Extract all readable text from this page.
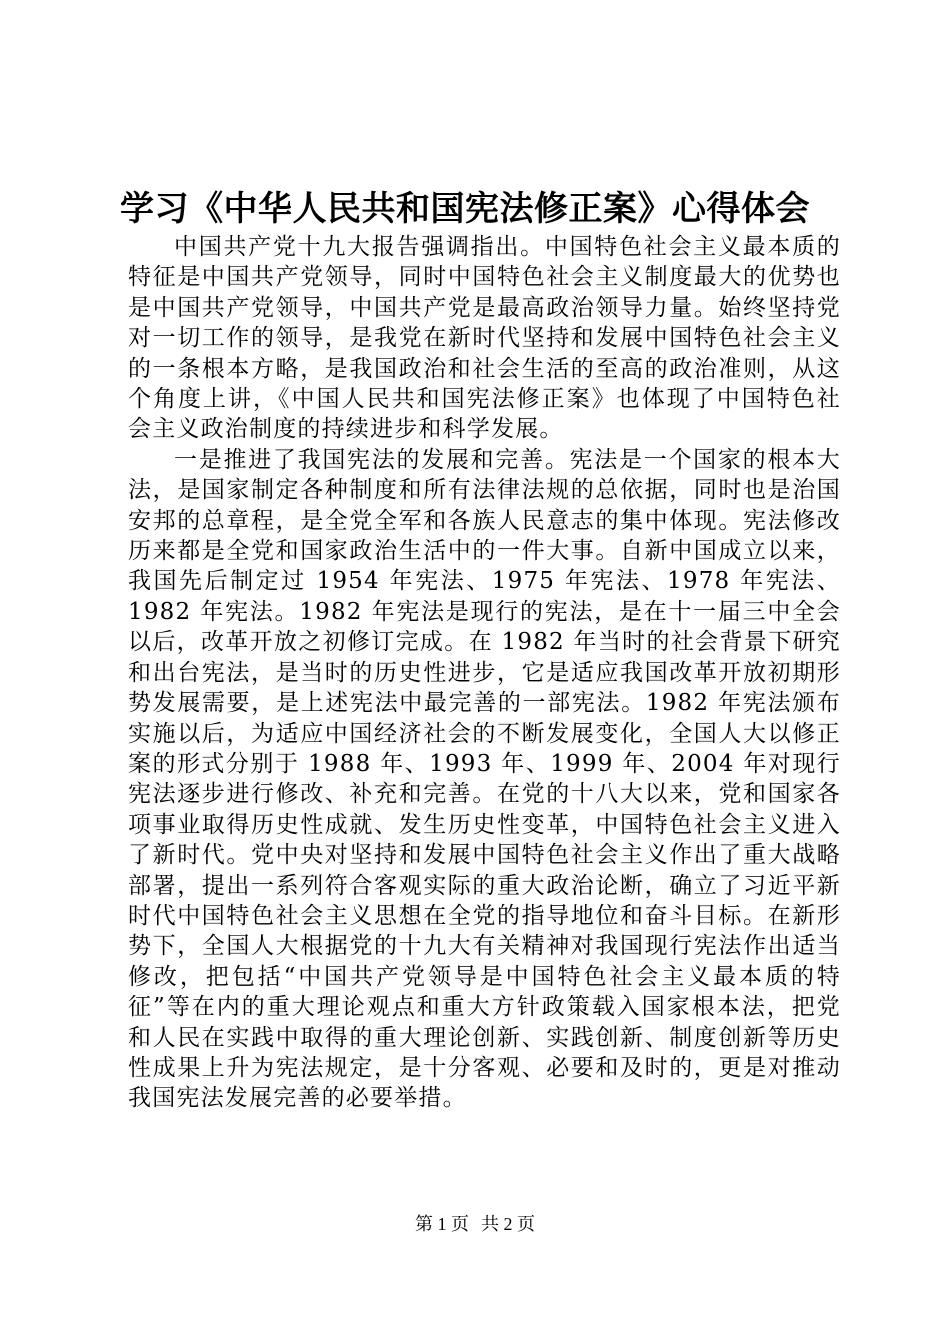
学习《中华人民共和国宪法修正案》心得体会

中国共产党十九大报告强调指出。中国特色社会主义最本质的特征是中国共产党领导，同时中国特色社会主义制度最大的优势也是中国共产党领导，中国共产党是最高政治领导力量。始终坚持党对一切工作的领导，是我党在新时代坚持和发展中国特色社会主义的一条根本方略，是我国政治和社会生活的至高的政治准则，从这个角度上讲，《中国人民共和国宪法修正案》也体现了中国特色社会主义政治制度的持续进步和科学发展。

一是推进了我国宪法的发展和完善。宪法是一个国家的根本大法，是国家制定各种制度和所有法律法规的总依据，同时也是治国安邦的总章程，是全党全军和各族人民意志的集中体现。宪法修改历来都是全党和国家政治生活中的一件大事。自新中国成立以来，我国先后制定过 1954 年宪法、1975 年宪法、1978 年宪法、1982 年宪法。1982 年宪法是现行的宪法，是在十一届三中全会以后，改革开放之初修订完成。在 1982 年当时的社会背景下研究和出台宪法，是当时的历史性进步，它是适应我国改革开放初期形势发展需要，是上述宪法中最完善的一部宪法。1982 年宪法颁布实施以后，为适应中国经济社会的不断发展变化，全国人大以修正案的形式分别于 1988 年、1993 年、1999 年、2004 年对现行宪法逐步进行修改、补充和完善。在党的十八大以来，党和国家各项事业取得历史性成就、发生历史性变革，中国特色社会主义进入了新时代。党中央对坚持和发展中国特色社会主义作出了重大战略部署，提出一系列符合客观实际的重大政治论断，确立了习近平新时代中国特色社会主义思想在全党的指导地位和奋斗目标。在新形势下，全国人大根据党的十九大有关精神对我国现行宪法作出适当修改，把包括“中国共产党领导是中国特色社会主义最本质的特征”等在内的重大理论观点和重大方针政策载入国家根本法，把党和人民在实践中取得的重大理论创新、实践创新、制度创新等历史性成果上升为宪法规定，是十分客观、必要和及时的，更是对推动我国宪法发展完善的必要举措。

第 1 页 共 2 页
